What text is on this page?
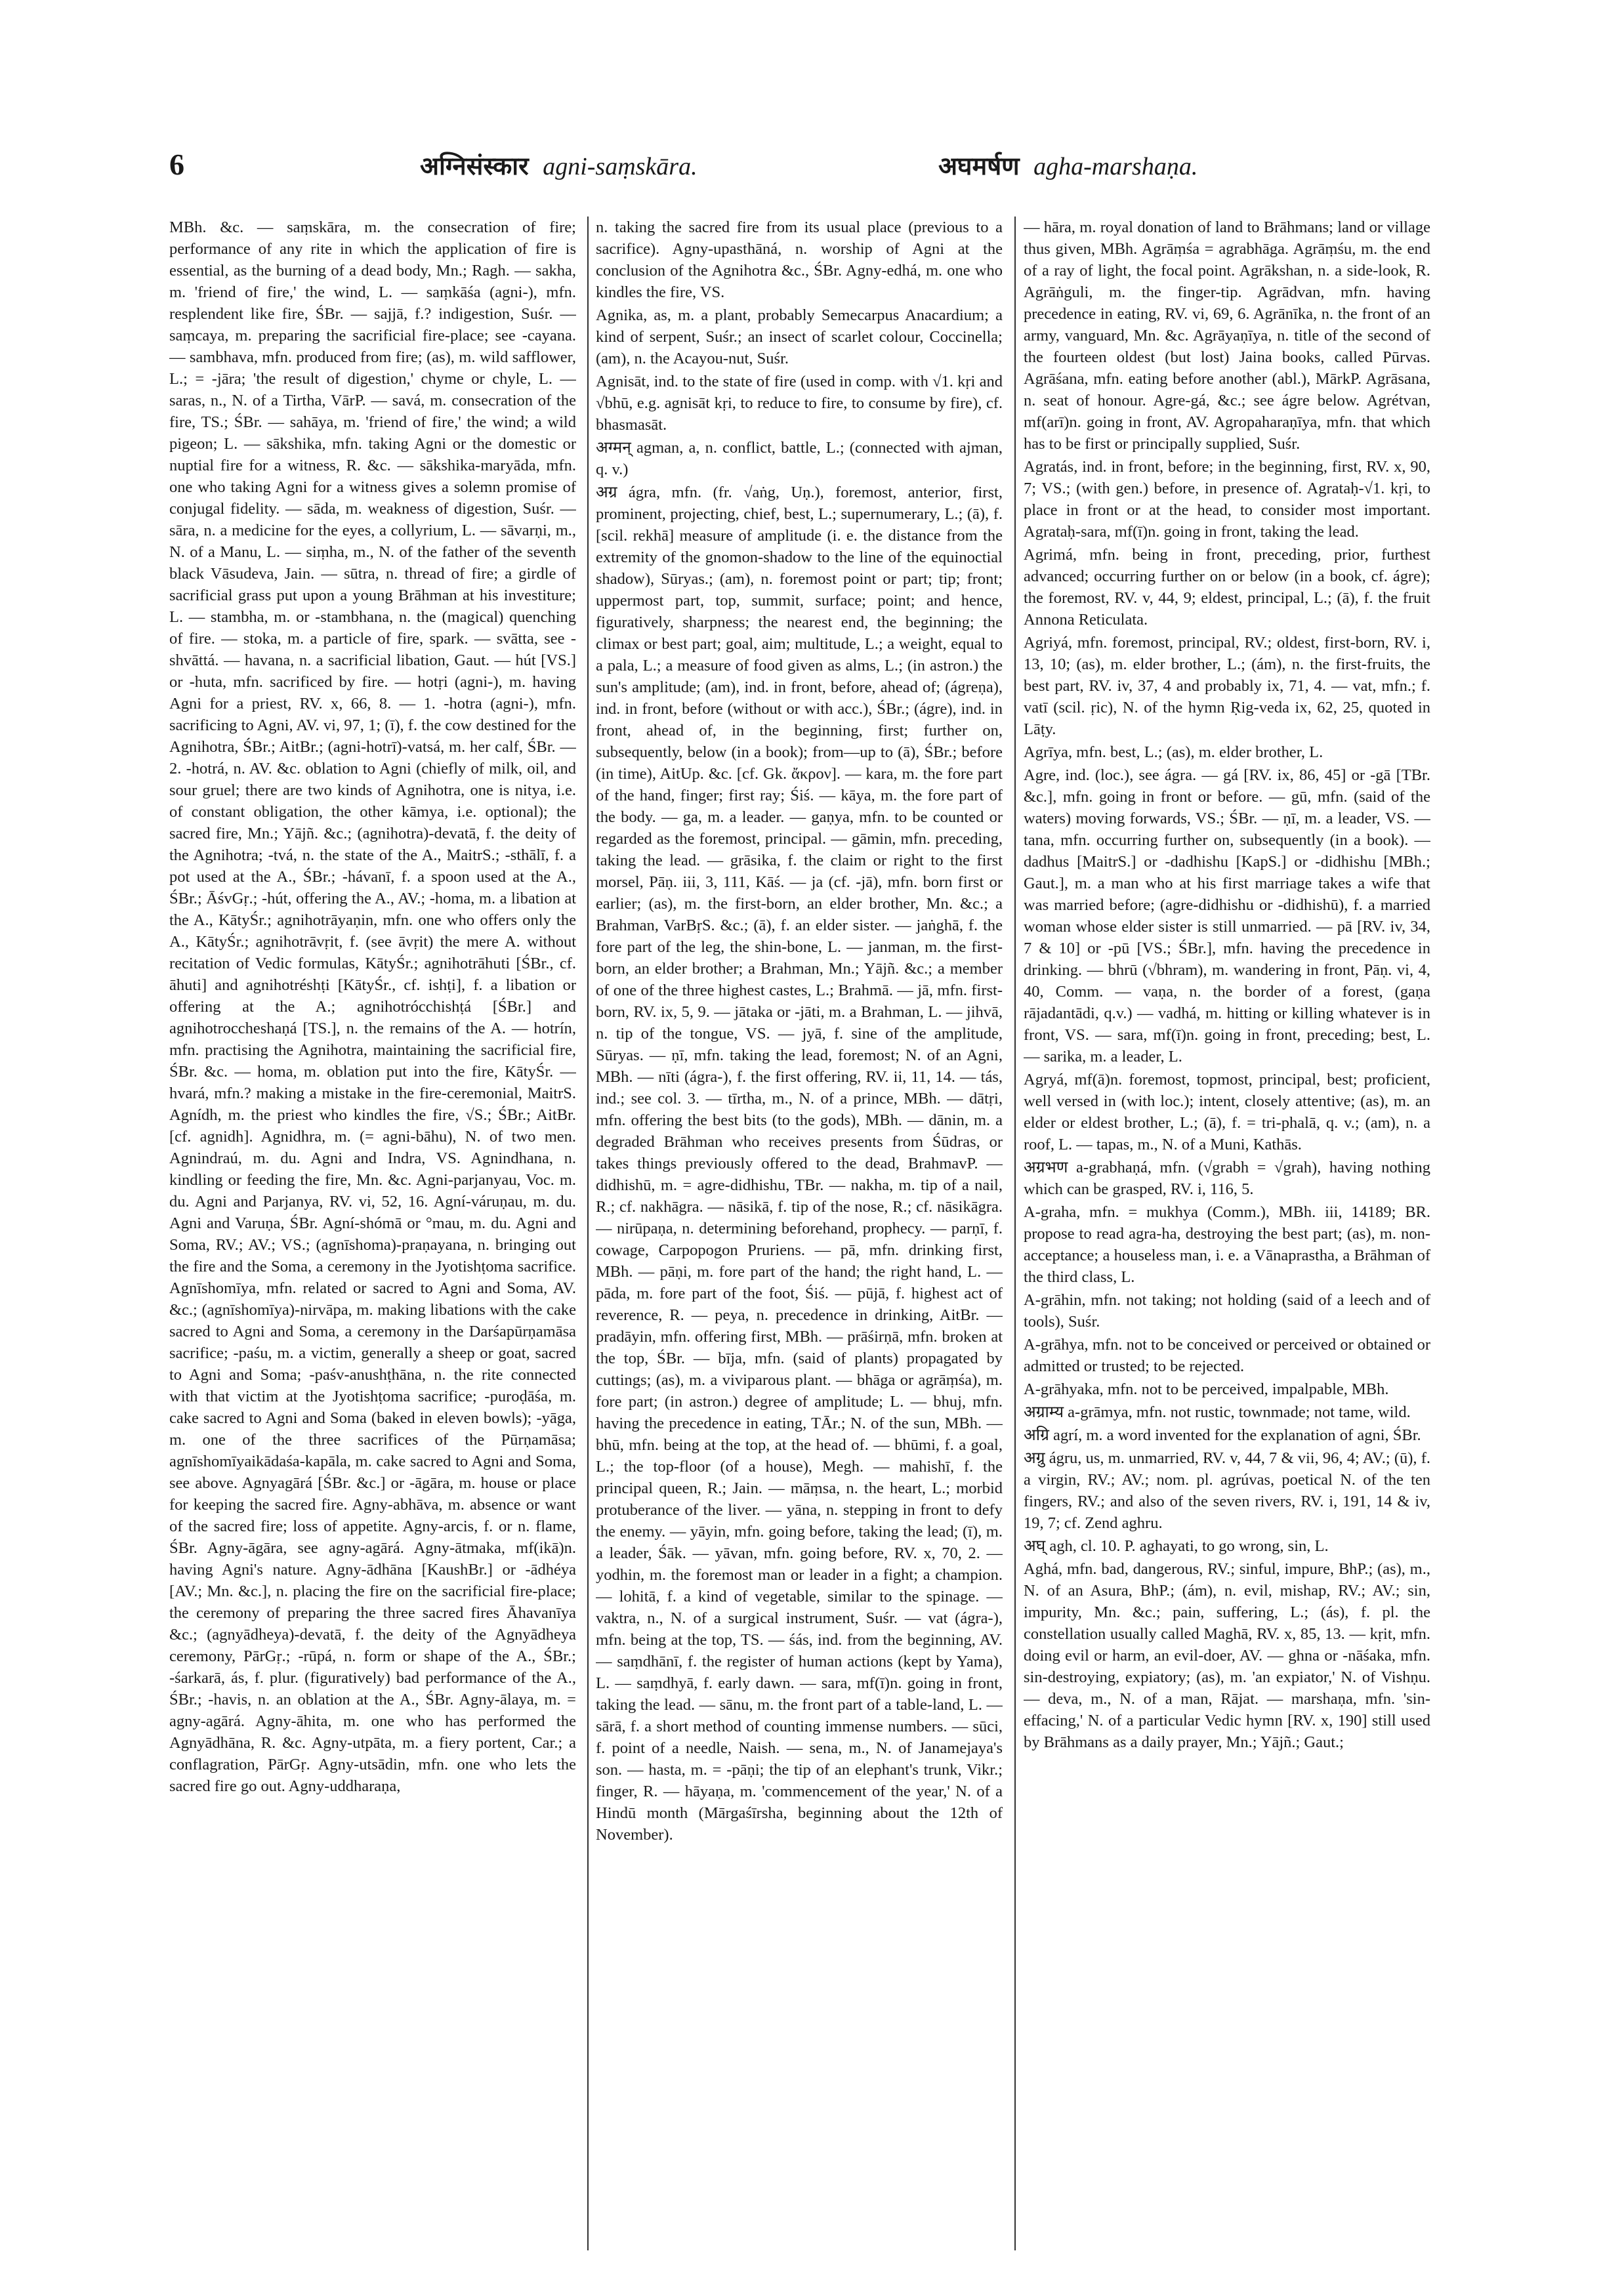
6	अग्निसंस्कार agni-saṃskāra.	अघमर्षण agha-marshaṇa.

MBh. &c. — saṃskāra, m. the consecration of fire; performance of any rite in which the application of fire is essential, as the burning of a dead body, Mn.; Ragh. — sakha, m. 'friend of fire,' the wind, L. — saṃkāśa (agni-), mfn. resplendent like fire, ŚBr. — sajjā, f.? indigestion, Suśr. — saṃcaya, m. preparing the sacrificial fire-place; see -cayana. — sambhava, mfn. produced from fire; (as), m. wild safflower, L.; = -jāra; 'the result of digestion,' chyme or chyle, L. — saras, n., N. of a Tirtha, VārP. — savá, m. consecration of the fire, TS.; ŚBr. — sahāya, m. 'friend of fire,' the wind; a wild pigeon; L. — sākshika, mfn. taking Agni or the domestic or nuptial fire for a witness, R. &c. — sākshika-maryāda, mfn. one who taking Agni for a witness gives a solemn promise of conjugal fidelity. — sāda, m. weakness of digestion, Suśr. — sāra, n. a medicine for the eyes, a collyrium, L. — sāvarṇi, m., N. of a Manu, L. — siṃha, m., N. of the father of the seventh black Vāsudeva, Jain. — sūtra, n. thread of fire; a girdle of sacrificial grass put upon a young Brāhman at his investiture; L. — stambha, m. or -stambhana, n. the (magical) quenching of fire. — stoka, m. a particle of fire, spark. — svātta, see -shvāttá. — havana, n. a sacrificial libation, Gaut. — hút [VS.] or -huta, mfn. sacrificed by fire. — hotṛi (agni-), m. having Agni for a priest, RV. x, 66, 8. — 1. -hotra (agni-), mfn. sacrificing to Agni, AV. vi, 97, 1; (ī), f. the cow destined for the Agnihotra, ŚBr.; AitBr.; (agni-hotrī)-vatsá, m. her calf, ŚBr. — 2. -hotrá, n. AV. &c. oblation to Agni (chiefly of milk, oil, and sour gruel; there are two kinds of Agnihotra, one is nitya, i.e. of constant obligation, the other kāmya, i.e. optional); the sacred fire, Mn.; Yājñ. &c.; (agnihotra)-devatā, f. the deity of the Agnihotra; -tvá, n. the state of the A., MaitrS.; -sthālī, f. a pot used at the A., ŚBr.; -hávanī, f. a spoon used at the A., ŚBr.; ĀśvGṛ.; -hút, offering the A., AV.; -homa, m. a libation at the A., KātyŚr.; agnihotrāyaṇin, mfn. one who offers only the A., KātyŚr.; agnihotrāvṛit, f. (see āvṛit) the mere A. without recitation of Vedic formulas, KātyŚr.; agnihotrāhuti [ŚBr., cf. āhuti] and agnihotréshṭi [KātyŚr., cf. ishṭi], f. a libation or offering at the A.; agnihotrócchishṭá [ŚBr.] and agnihotroccheshaṇá [TS.], n. the remains of the A. — hotrín, mfn. practising the Agnihotra, maintaining the sacrificial fire, ŚBr. &c. — homa, m. oblation put into the fire, KātyŚr. — hvará, mfn.? making a mistake in the fire-ceremonial, MaitrS. Agnídh, m. the priest who kindles the fire, √S.; ŚBr.; AitBr. [cf. agnidh]. Agnidhra, m. (= agni-bāhu), N. of two men. Agnindraú, m. du. Agni and Indra, VS. Agnindhana, n. kindling or feeding the fire, Mn. &c. Agni-parjanyau, Voc. m. du. Agni and Parjanya, RV. vi, 52, 16. Agní-váruṇau, m. du. Agni and Varuṇa, ŚBr. Agní-shómā or °mau, m. du. Agni and Soma, RV.; AV.; VS.; (agnīshoma)-praṇayana, n. bringing out the fire and the Soma, a ceremony in the Jyotishṭoma sacrifice. Agnīshomīya, mfn. related or sacred to Agni and Soma, AV. &c.; (agnīshomīya)-nirvāpa, m. making libations with the cake sacred to Agni and Soma, a ceremony in the Darśapūrṇamāsa sacrifice; -paśu, m. a victim, generally a sheep or goat, sacred to Agni and Soma; -paśv-anushṭhāna, n. the rite connected with that victim at the Jyotishṭoma sacrifice; -puroḍāśa, m. cake sacred to Agni and Soma (baked in eleven bowls); -yāga, m. one of the three sacrifices of the Pūrṇamāsa; agnīshomīyaikādaśa-kapāla, m. cake sacred to Agni and Soma, see above. Agnyagārá [ŚBr. &c.] or -āgāra, m. house or place for keeping the sacred fire. Agny-abhāva, m. absence or want of the sacred fire; loss of appetite. Agny-arcis, f. or n. flame, ŚBr. Agny-āgāra, see agny-agārá. Agny-ātmaka, mf(ikā)n. having Agni's nature. Agny-ādhāna [KaushBr.] or -ādhéya [AV.; Mn. &c.], n. placing the fire on the sacrificial fire-place; the ceremony of preparing the three sacred fires Āhavanīya &c.; (agnyādheya)-devatā, f. the deity of the Agnyādheya ceremony, PārGṛ.; -rūpá, n. form or shape of the A., ŚBr.; -śarkarā, ás, f. plur. (figuratively) bad performance of the A., ŚBr.; -havis, n. an oblation at the A., ŚBr. Agny-ālaya, m. = agny-agārá. Agny-āhita, m. one who has performed the Agnyādhāna, R. &c. Agny-utpāta, m. a fiery portent, Car.; a conflagration, PārGṛ. Agny-utsādin, mfn. one who lets the sacred fire go out. Agny-uddharaṇa,

n. taking the sacred fire from its usual place (previous to a sacrifice). Agny-upasthāná, n. worship of Agni at the conclusion of the Agnihotra &c., ŚBr. Agny-edhá, m. one who kindles the fire, VS.

Agnika, as, m. a plant, probably Semecarpus Anacardium; a kind of serpent, Suśr.; an insect of scarlet colour, Coccinella; (am), n. the Acayou-nut, Suśr.

Agnisāt, ind. to the state of fire (used in comp. with √1. kṛi and √bhū, e.g. agnisāt kṛi, to reduce to fire, to consume by fire), cf. bhasmasāt.

अग्मन् agman, a, n. conflict, battle, L.; (connected with ajman, q. v.)

अग्र ágra, mfn. (fr. √aṅg, Uṇ.), foremost, anterior, first, prominent, projecting, chief, best, L.; supernumerary, L.; (ā), f. [scil. rekhā] measure of amplitude (i. e. the distance from the extremity of the gnomon-shadow to the line of the equinoctial shadow), Sūryas.; (am), n. foremost point or part; tip; front; uppermost part, top, summit, surface; point; and hence, figuratively, sharpness; the nearest end, the beginning; the climax or best part; goal, aim; multitude, L.; a weight, equal to a pala, L.; a measure of food given as alms, L.; (in astron.) the sun's amplitude; (am), ind. in front, before, ahead of; (ágreṇa), ind. in front, before (without or with acc.), ŚBr.; (ágre), ind. in front, ahead of, in the beginning, first; further on, subsequently, below (in a book); from—up to (ā), ŚBr.; before (in time), AitUp. &c. [cf. Gk. ἄκρον]. — kara, m. the fore part of the hand, finger; first ray; Śiś. — kāya, m. the fore part of the body. — ga, m. a leader. — gaṇya, mfn. to be counted or regarded as the foremost, principal. — gāmin, mfn. preceding, taking the lead. — grāsika, f. the claim or right to the first morsel, Pāṇ. iii, 3, 111, Kāś. — ja (cf. -jā), mfn. born first or earlier; (as), m. the first-born, an elder brother, Mn. &c.; a Brahman, VarBṛS. &c.; (ā), f. an elder sister. — jaṅghā, f. the fore part of the leg, the shin-bone, L. — janman, m. the first-born, an elder brother; a Brahman, Mn.; Yājñ. &c.; a member of one of the three highest castes, L.; Brahmā. — jā, mfn. first-born, RV. ix, 5, 9. — jātaka or -jāti, m. a Brahman, L. — jihvā, n. tip of the tongue, VS. — jyā, f. sine of the amplitude, Sūryas. — ṇī, mfn. taking the lead, foremost; N. of an Agni, MBh. — nīti (ágra-), f. the first offering, RV. ii, 11, 14. — tás, ind.; see col. 3. — tīrtha, m., N. of a prince, MBh. — dātṛi, mfn. offering the best bits (to the gods), MBh. — dānin, m. a degraded Brāhman who receives presents from Śūdras, or takes things previously offered to the dead, BrahmavP. — didhishū, m. = agre-didhishu, TBr. — nakha, m. tip of a nail, R.; cf. nakhāgra. — nāsikā, f. tip of the nose, R.; cf. nāsikāgra. — nirūpaṇa, n. determining beforehand, prophecy. — parṇī, f. cowage, Carpopogon Pruriens. — pā, mfn. drinking first, MBh. — pāṇi, m. fore part of the hand; the right hand, L. — pāda, m. fore part of the foot, Śiś. — pūjā, f. highest act of reverence, R. — peya, n. precedence in drinking, AitBr. — pradāyin, mfn. offering first, MBh. — prāśirṇā, mfn. broken at the top, ŚBr. — bīja, mfn. (said of plants) propagated by cuttings; (as), m. a viviparous plant. — bhāga or agrāṃśa), m. fore part; (in astron.) degree of amplitude; L. — bhuj, mfn. having the precedence in eating, TĀr.; N. of the sun, MBh. — bhū, mfn. being at the top, at the head of. — bhūmi, f. a goal, L.; the top-floor (of a house), Megh. — mahishī, f. the principal queen, R.; Jain. — māṃsa, n. the heart, L.; morbid protuberance of the liver. — yāna, n. stepping in front to defy the enemy. — yāyin, mfn. going before, taking the lead; (ī), m. a leader, Śāk. — yāvan, mfn. going before, RV. x, 70, 2. — yodhin, m. the foremost man or leader in a fight; a champion. — lohitā, f. a kind of vegetable, similar to the spinage. — vaktra, n., N. of a surgical instrument, Suśr. — vat (ágra-), mfn. being at the top, TS. — śás, ind. from the beginning, AV. — saṃdhānī, f. the register of human actions (kept by Yama), L. — saṃdhyā, f. early dawn. — sara, mf(ī)n. going in front, taking the lead. — sānu, m. the front part of a table-land, L. — sārā, f. a short method of counting immense numbers. — sūci, f. point of a needle, Naish. — sena, m., N. of Janamejaya's son. — hasta, m. = -pāṇi; the tip of an elephant's trunk, Vikr.; finger, R. — hāyaṇa, m. 'commencement of the year,' N. of a Hindū month (Mārgaśīrsha, beginning about the 12th of November).

— hāra, m. royal donation of land to Brāhmans; land or village thus given, MBh. Agrāṃśa = agrabhāga. Agrāṃśu, m. the end of a ray of light, the focal point. Agrākshan, n. a side-look, R. Agrāṅguli, m. the finger-tip. Agrādvan, mfn. having precedence in eating, RV. vi, 69, 6. Agrānīka, n. the front of an army, vanguard, Mn. &c. Agrāyaṇīya, n. title of the second of the fourteen oldest (but lost) Jaina books, called Pūrvas. Agrāśana, mfn. eating before another (abl.), MārkP. Agrāsana, n. seat of honour. Agre-gá, &c.; see ágre below. Agrétvan, mf(arī)n. going in front, AV. Agropaharaṇīya, mfn. that which has to be first or principally supplied, Suśr.

Agratás, ind. in front, before; in the beginning, first, RV. x, 90, 7; VS.; (with gen.) before, in presence of. Agrataḥ-√1. kṛi, to place in front or at the head, to consider most important. Agrataḥ-sara, mf(ī)n. going in front, taking the lead.

Agrimá, mfn. being in front, preceding, prior, furthest advanced; occurring further on or below (in a book, cf. ágre); the foremost, RV. v, 44, 9; eldest, principal, L.; (ā), f. the fruit Annona Reticulata.

Agriyá, mfn. foremost, principal, RV.; oldest, first-born, RV. i, 13, 10; (as), m. elder brother, L.; (ám), n. the first-fruits, the best part, RV. iv, 37, 4 and probably ix, 71, 4. — vat, mfn.; f. vatī (scil. ṛic), N. of the hymn Ṛig-veda ix, 62, 25, quoted in Lāṭy.

Agrīya, mfn. best, L.; (as), m. elder brother, L.

Agre, ind. (loc.), see ágra. — gá [RV. ix, 86, 45] or -gā [TBr. &c.], mfn. going in front or before. — gū, mfn. (said of the waters) moving forwards, VS.; ŚBr. — ṇī, m. a leader, VS. — tana, mfn. occurring further on, subsequently (in a book). — dadhus [MaitrS.] or -dadhishu [KapS.] or -didhishu [MBh.; Gaut.], m. a man who at his first marriage takes a wife that was married before; (agre-didhishu or -didhishū), f. a married woman whose elder sister is still unmarried. — pā [RV. iv, 34, 7 & 10] or -pū [VS.; ŚBr.], mfn. having the precedence in drinking. — bhrū (√bhram), m. wandering in front, Pāṇ. vi, 4, 40, Comm. — vaṇa, n. the border of a forest, (gaṇa rājadantādi, q.v.) — vadhá, m. hitting or killing whatever is in front, VS. — sara, mf(ī)n. going in front, preceding; best, L. — sarika, m. a leader, L.

Agryá, mf(ā)n. foremost, topmost, principal, best; proficient, well versed in (with loc.); intent, closely attentive; (as), m. an elder or eldest brother, L.; (ā), f. = tri-phalā, q. v.; (am), n. a roof, L. — tapas, m., N. of a Muni, Kathās.

अग्रभण a-grabhaṇá, mfn. (√grabh = √grah), having nothing which can be grasped, RV. i, 116, 5.

A-graha, mfn. = mukhya (Comm.), MBh. iii, 14189; BR. propose to read agra-ha, destroying the best part; (as), m. non-acceptance; a houseless man, i. e. a Vānaprastha, a Brāhman of the third class, L.

A-grāhin, mfn. not taking; not holding (said of a leech and of tools), Suśr.

A-grāhya, mfn. not to be conceived or perceived or obtained or admitted or trusted; to be rejected.

A-grāhyaka, mfn. not to be perceived, impalpable, MBh.

अग्राम्य a-grāmya, mfn. not rustic, townmade; not tame, wild.

अग्रि agrí, m. a word invented for the explanation of agni, ŚBr.

अग्रु ágru, us, m. unmarried, RV. v, 44, 7 & vii, 96, 4; AV.; (ū), f. a virgin, RV.; AV.; nom. pl. agrúvas, poetical N. of the ten fingers, RV.; and also of the seven rivers, RV. i, 191, 14 & iv, 19, 7; cf. Zend aghru.

अघ् agh, cl. 10. P. aghayati, to go wrong, sin, L.

Aghá, mfn. bad, dangerous, RV.; sinful, impure, BhP.; (as), m., N. of an Asura, BhP.; (ám), n. evil, mishap, RV.; AV.; sin, impurity, Mn. &c.; pain, suffering, L.; (ás), f. pl. the constellation usually called Maghā, RV. x, 85, 13. — kṛit, mfn. doing evil or harm, an evil-doer, AV. — ghna or -nāśaka, mfn. sin-destroying, expiatory; (as), m. 'an expiator,' N. of Vishṇu. — deva, m., N. of a man, Rājat. — marshaṇa, mfn. 'sin-effacing,' N. of a particular Vedic hymn [RV. x, 190] still used by Brāhmans as a daily prayer, Mn.; Yājñ.; Gaut.;
